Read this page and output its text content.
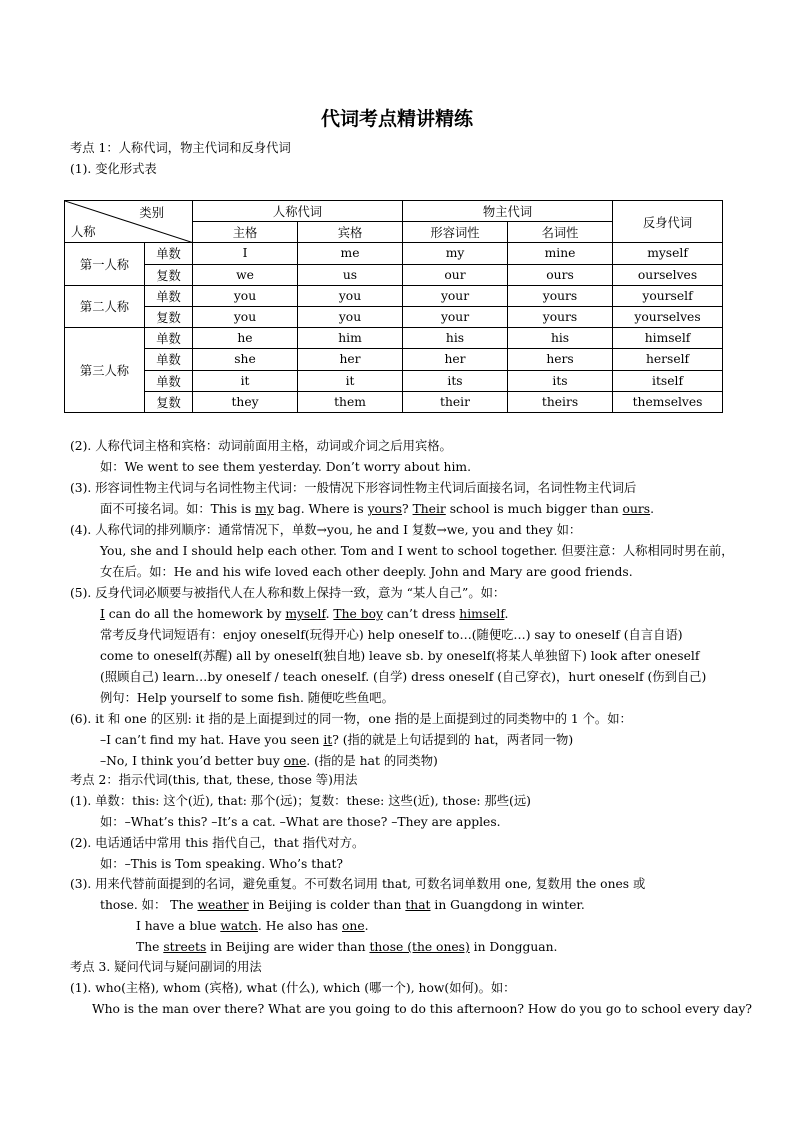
代词考点精讲精练
考点 1：人称代词，物主代词和反身代词
(1). 变化形式表
类别
人称		人称代词		物主代词		反身代词
		主格	宾格	形容词性	名词性	
第一人称	单数	I	me	my	mine	myself
	复数	we	us	our	ours	ourselves
第二人称	单数	you	you	your	yours	yourself
	复数	you	you	your	yours	yourselves
第三人称	单数	he	him	his	his	himself
	单数	she	her	her	hers	herself
	单数	it	it	its	its	itself
	复数	they	them	their	theirs	themselves
(2). 人称代词主格和宾格：动词前面用主格，动词或介词之后用宾格。
如：We went to see them yesterday. Don’t worry about him.
(3). 形容词性物主代词与名词性物主代词：一般情况下形容词性物主代词后面接名词，名词性物主代词后
面不可接名词。如：This is my bag. Where is yours? Their school is much bigger than ours.
(4). 人称代词的排列顺序：通常情况下，单数→you, he and I 复数→we, you and they 如：
You, she and I should help each other. Tom and I went to school together. 但要注意：人称相同时男在前，
女在后。如：He and his wife loved each other deeply. John and Mary are good friends.
(5). 反身代词必顺要与被指代人在人称和数上保持一致，意为 “某人自己”。如：
I can do all the homework by myself. The boy can’t dress himself.
常考反身代词短语有：enjoy oneself(玩得开心) help oneself to…(随便吃…) say to oneself (自言自语)
come to oneself(苏醒) all by oneself(独自地) leave sb. by oneself(将某人单独留下) look after oneself
(照顾自己) learn…by oneself / teach oneself. (自学) dress oneself (自己穿衣)，hurt oneself (伤到自己)
例句：Help yourself to some fish. 随便吃些鱼吧。
(6). it 和 one 的区别: it 指的是上面提到过的同一物，one 指的是上面提到过的同类物中的 1 个。如：
–I can’t find my hat. Have you seen it? (指的就是上句话提到的 hat，两者同一物)
–No, I think you’d better buy one. (指的是 hat 的同类物)
考点 2：指示代词(this, that, these, those 等)用法
(1). 单数：this: 这个(近), that: 那个(远)；复数：these: 这些(近), those: 那些(远)
如：–What’s this? –It’s a cat. –What are those? –They are apples.
(2). 电话通话中常用 this 指代自己，that 指代对方。
如：–This is Tom speaking. Who’s that?
(3). 用来代替前面提到的名词，避免重复。不可数名词用 that, 可数名词单数用 one, 复数用 the ones 或
those. 如： The weather in Beijing is colder than that in Guangdong in winter.
I have a blue watch. He also has one.
The streets in Beijing are wider than those (the ones) in Dongguan.
考点 3. 疑问代词与疑问副词的用法
(1). who(主格), whom (宾格), what (什么), which (哪一个), how(如何)。如：
Who is the man over there? What are you going to do this afternoon? How do you go to school every day?
